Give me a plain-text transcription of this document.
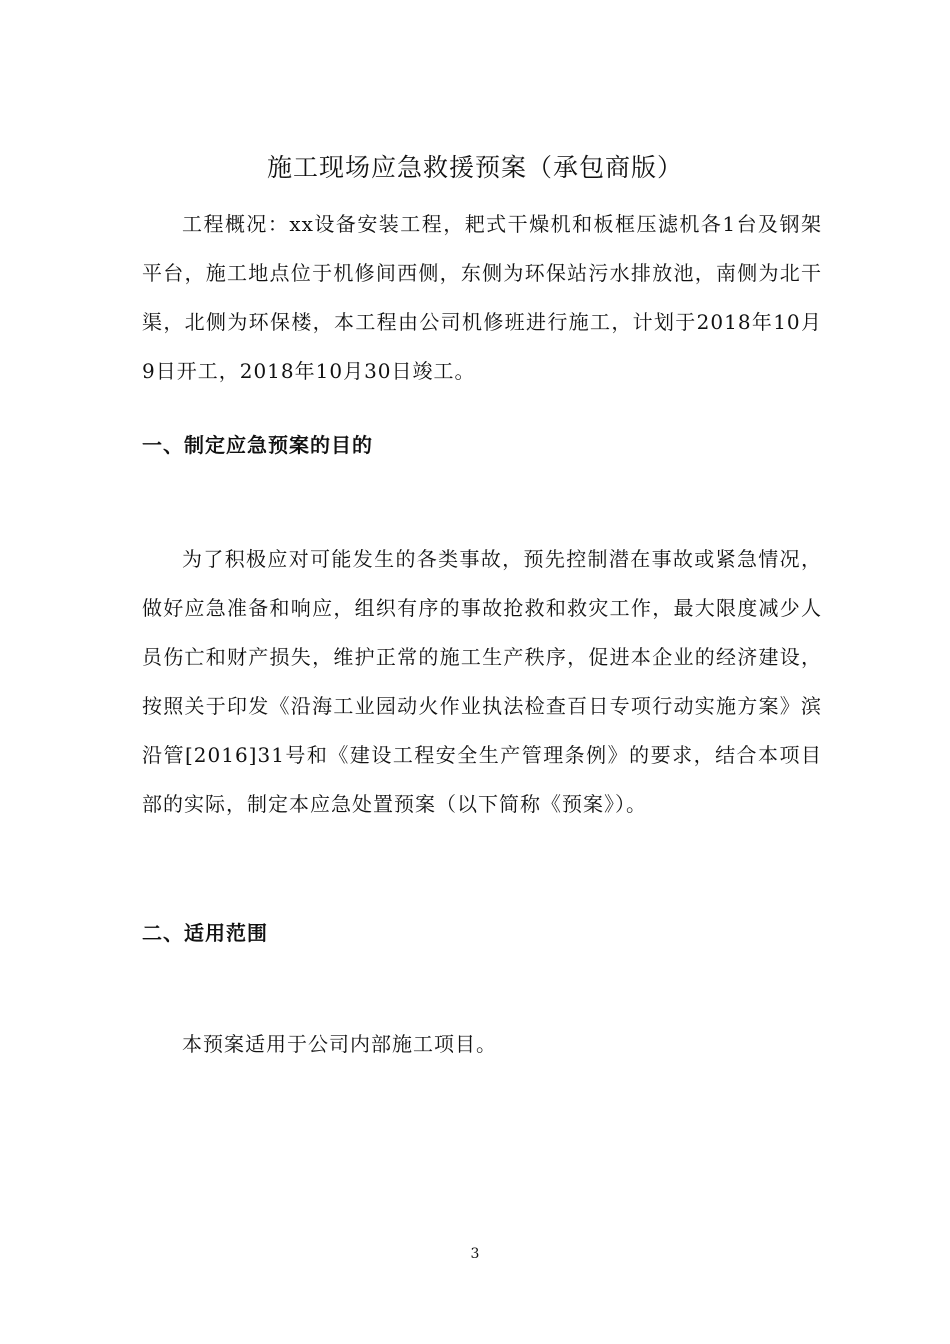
施工现场应急救援预案（承包商版）
工程概况：xx设备安装工程，耙式干燥机和板框压滤机各1台及钢架平台，施工地点位于机修间西侧，东侧为环保站污水排放池，南侧为北干渠，北侧为环保楼，本工程由公司机修班进行施工，计划于2018年10月9日开工，2018年10月30日竣工。
一、制定应急预案的目的
为了积极应对可能发生的各类事故，预先控制潜在事故或紧急情况，做好应急准备和响应，组织有序的事故抢救和救灾工作，最大限度减少人员伤亡和财产损失，维护正常的施工生产秩序，促进本企业的经济建设，按照关于印发《沿海工业园动火作业执法检查百日专项行动实施方案》滨沿管[2016]31号和《建设工程安全生产管理条例》的要求，结合本项目部的实际，制定本应急处置预案（以下简称《预案》）。
二、适用范围
本预案适用于公司内部施工项目。
3
